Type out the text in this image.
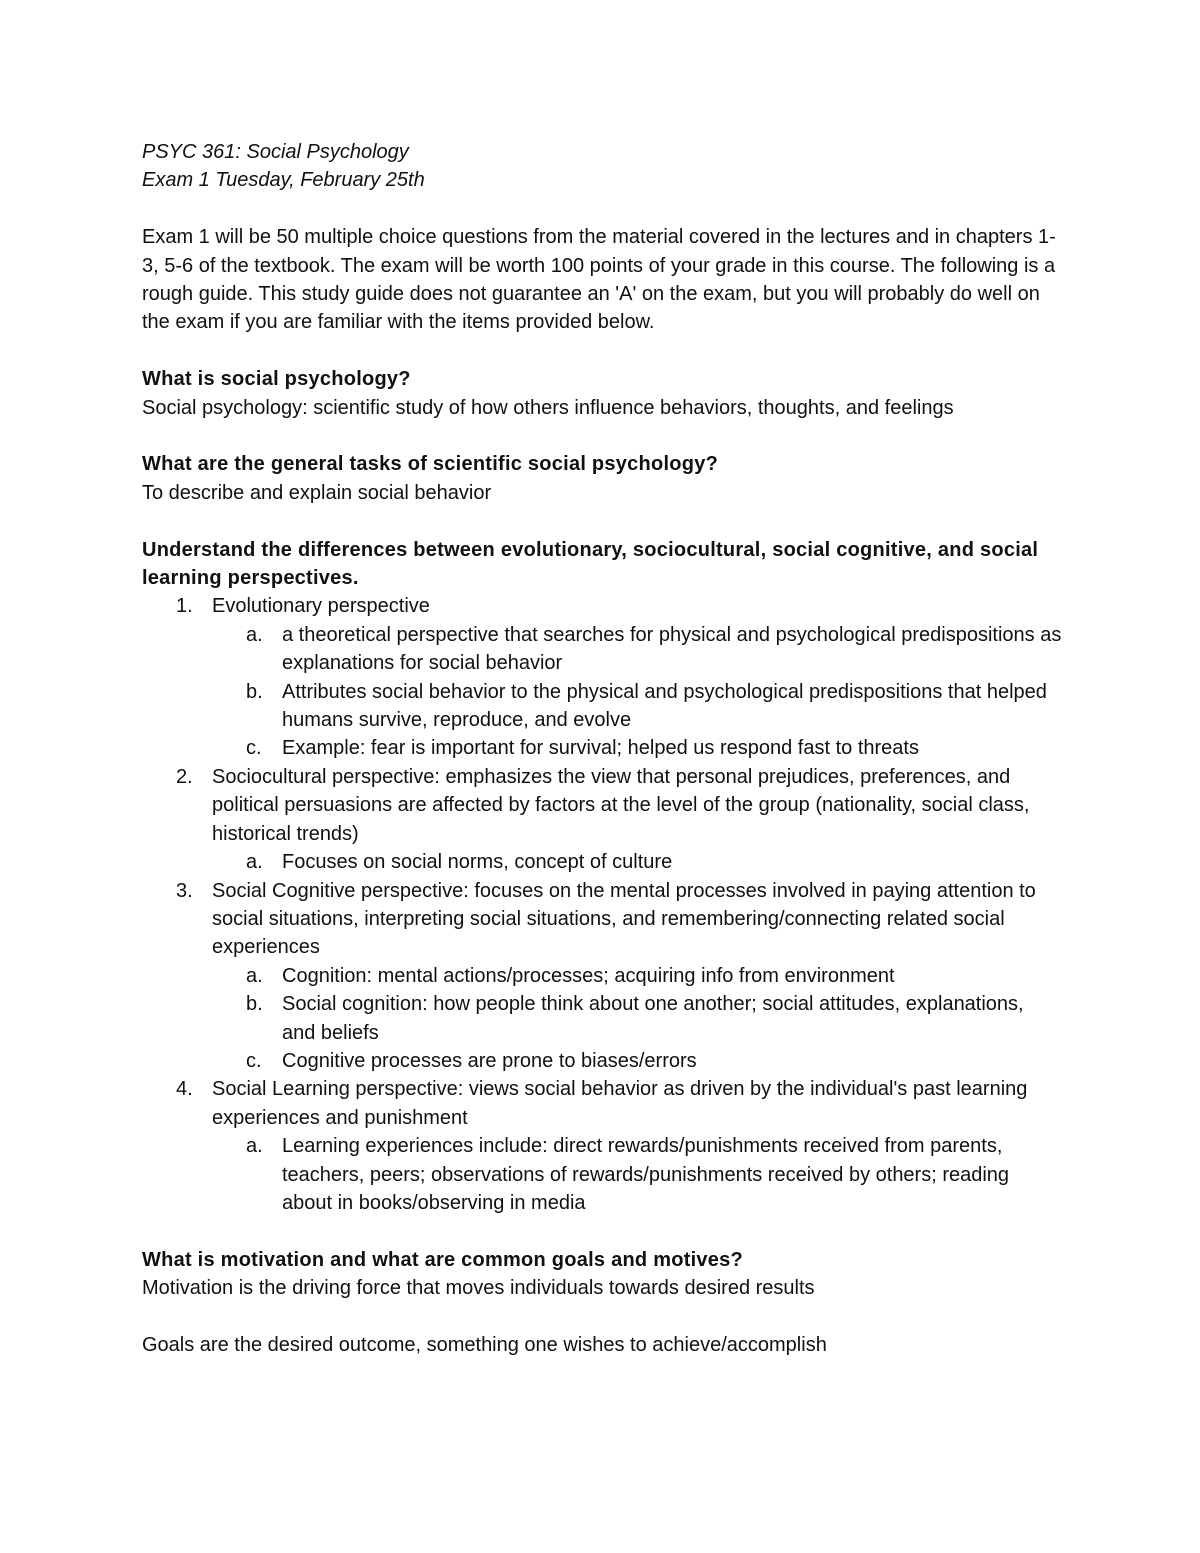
PSYC 361: Social Psychology

Exam 1 Tuesday, February 25th

Exam 1 will be 50 multiple choice questions from the material covered in the lectures and in chapters 1-3, 5-6 of the textbook. The exam will be worth 100 points of your grade in this course. The following is a rough guide. This study guide does not guarantee an 'A' on the exam, but you will probably do well on the exam if you are familiar with the items provided below.

What is social psychology?

Social psychology: scientific study of how others influence behaviors, thoughts, and feelings

What are the general tasks of scientific social psychology?

To describe and explain social behavior

Understand the differences between evolutionary, sociocultural, social cognitive, and social learning perspectives.

1. Evolutionary perspective
a. a theoretical perspective that searches for physical and psychological predispositions as explanations for social behavior
b. Attributes social behavior to the physical and psychological predispositions that helped humans survive, reproduce, and evolve
c.	Example: fear is important for survival; helped us respond fast to threats
2. Sociocultural perspective: emphasizes the view that personal prejudices, preferences, and political persuasions are affected by factors at the level of the group (nationality, social class, historical trends)
a. Focuses on social norms, concept of culture
3. Social Cognitive perspective: focuses on the mental processes involved in paying attention to social situations, interpreting social situations, and remembering/connecting related social experiences
a. Cognition: mental actions/processes; acquiring info from environment
b. Social cognition: how people think about one another; social attitudes, explanations, and beliefs
c.	Cognitive processes are prone to biases/errors
4. Social Learning perspective: views social behavior as driven by the individual's past learning experiences and punishment
a. Learning experiences include: direct rewards/punishments received from parents, teachers, peers; observations of rewards/punishments received by others; reading about in books/observing in media

What is motivation and what are common goals and motives?

Motivation is the driving force that moves individuals towards desired results

Goals are the desired outcome, something one wishes to achieve/accomplish
